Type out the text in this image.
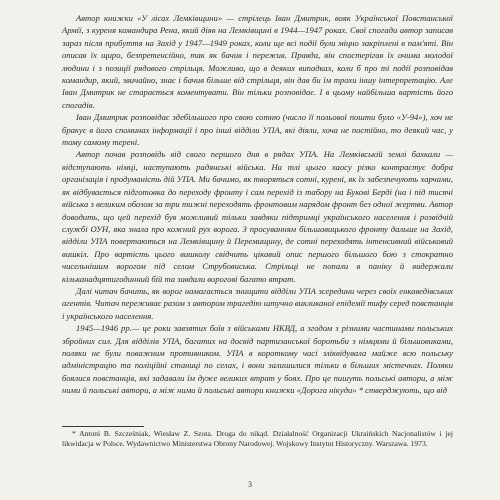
Автор книжки «У лісах Лемківщини» — стрілець Іван Дмитрик, вояк Української Повстанської Армії, з куреня командира Рена, який діяв на Лемківщині в 1944—1947 роках. Свої спогади автор записав зараз після прибуття на Захід у 1947—1949 роках, коли ще всі події були міцно закріплені в пам'яті. Він описав їх щиро, безпретенсійно, так як бачив і пережив. Правда, він спостерігав їх очима молодої людини і з позиції рядового стрільця. Можливо, що в деяких випадках, коли б про ті події розповідав командир, який, звичайно, знає і бачив більше від стрільця, він дав би їм трохи іншу інтерпретацію. Але Іван Дмитрик не старається коментувати. Він тільки розповідає. І в цьому найбільша вартість його спогадів.

Іван Дмитрик розповідає здебільшого про свою сотню (число її польової пошти було «У-94»), хоч не бракує в його споминах інформації і про інші відділи УПА, які діяли, хоча не постійно, то деякий час, у тому самому терені.

Автор почав розповідь від свого першого дня в рядах УПА. На Лемківській землі бахкали — відступають німці, наступають радянські війська. На тлі цього хаосу різко контрастує добра організація і продуманість дій УПА. Ми бачимо, як творяться сотні, курені, як їх забезпечують харчами, як відбувається підготовка до переходу фронту і сам перехід із табору на Букові Берді (на і під тисячі війська з великим обозом за три тижні переходять фронтовим нарядом фронт без одної жертви. Автор доводить, що цей перехід був можливий тільки завдяки підтримці українського населення і розвідчій службі ОУН, яка знала про кожний рух ворога. З просуванням більшовицького фронту дальше на Захід, відділи УПА повертаються на Лемківщину й Перемищину, де сотні переходять інтенсивний військовий вишкіл. Про вартість цього вишколу свідчить цікавий опис першого більшого бою з стократно чисельнішим ворогом під селом Струбовиська. Стрільці не попали в паніку й видержали кільканадцятигодинний бій та завдали ворогові багато втрат.

Далі читач бачить, як ворог намагається знищити відділи УПА зсередини через своїх енкаведівських агентів. Читач переживає разом з автором трагедію штучно викликаної епідемії тифу серед повстанців і українського населення.

1945—1946 рр.— це роки завзятих боїв з військами НКВД, а згодом з різними частинами польських збройних сил. Для відділів УПА, багатих на досвід партизанської боротьби з німцями й більшовиками, поляки не були поважним противником. УПА в короткому часі зліквідувала майже всю польську адміністрацію та поліційні станиці по селах, і вони залишилися тільки в більших містечках. Поляки боялися повстанців, які задавали їм дуже великих втрат у боях. Про це пишуть польські автори, а між ними й польські автори, а між ними й польські автори книжки «Дорога нікуди» * стверджують, що від

* Antoni B. Szcześniak, Wiesław Z. Szota. Droga do nikąd. Działalność Organizacji Ukraińskich Nacjonalistów i jej likwidacja w Polsce. Wydawnictwo Ministerstwa Obrony Narodowej. Wojskowy Instytut Historyczny. Warszawa. 1973.

3
